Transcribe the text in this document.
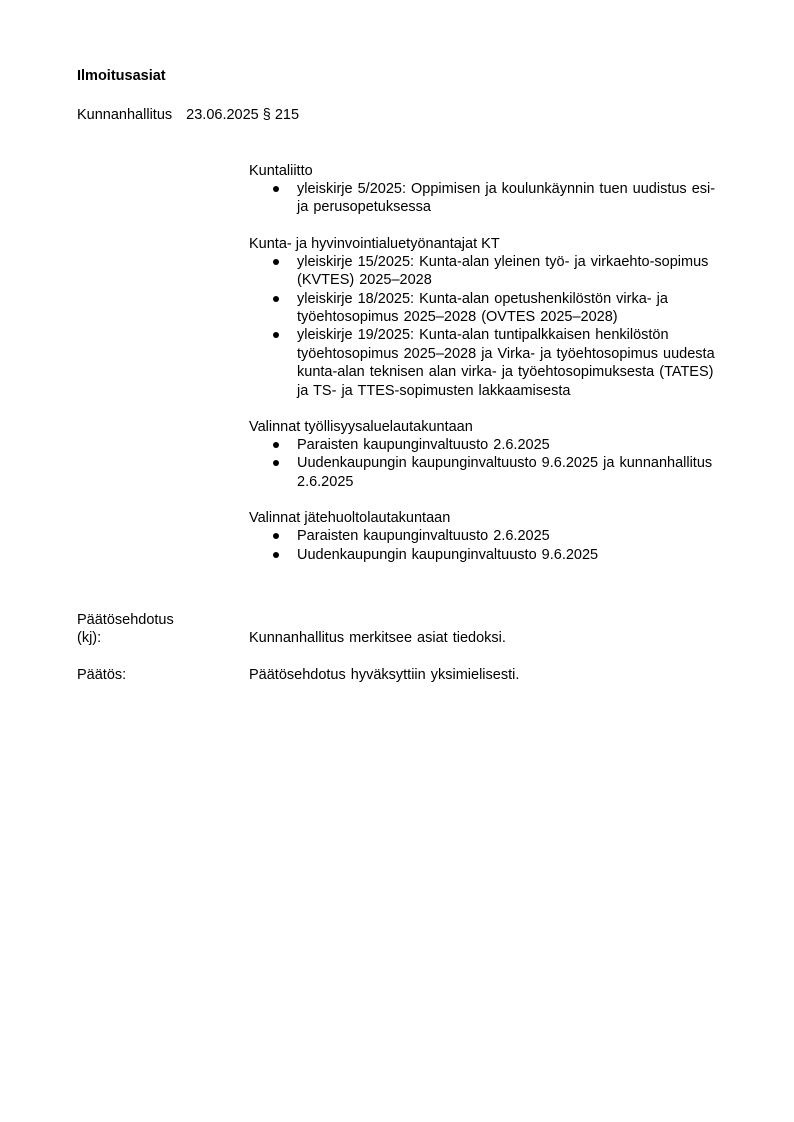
Ilmoitusasiat
Kunnanhallitus 23.06.2025 § 215

Kuntaliitto

yleiskirje 5/2025: Oppimisen ja koulunkäynnin tuen uudistus esi- ja perusopetuksessa

Kunta- ja hyvinvointialuetyönantajat KT

yleiskirje 15/2025: Kunta-alan yleinen työ- ja virkaehto-sopimus (KVTES) 2025–2028
yleiskirje 18/2025: Kunta-alan opetushenkilöstön virka- ja työehtosopimus 2025–2028 (OVTES 2025–2028)
yleiskirje 19/2025: Kunta-alan tuntipalkkaisen henkilöstön työehtosopimus 2025–2028 ja Virka- ja työehtosopimus uudesta kunta-alan teknisen alan virka- ja työehtosopimuksesta (TATES) ja TS- ja TTES-sopimusten lakkaamisesta

Valinnat työllisyysaluelautakuntaan

Paraisten kaupunginvaltuusto 2.6.2025
Uudenkaupungin kaupunginvaltuusto 9.6.2025 ja kunnanhallitus 2.6.2025

Valinnat jätehuoltolautakuntaan

Paraisten kaupunginvaltuusto 2.6.2025
Uudenkaupungin kaupunginvaltuusto 9.6.2025
Päätösehdotus
(kj):	Kunnanhallitus merkitsee asiat tiedoksi.
Päätös:	Päätösehdotus hyväksyttiin yksimielisesti.
